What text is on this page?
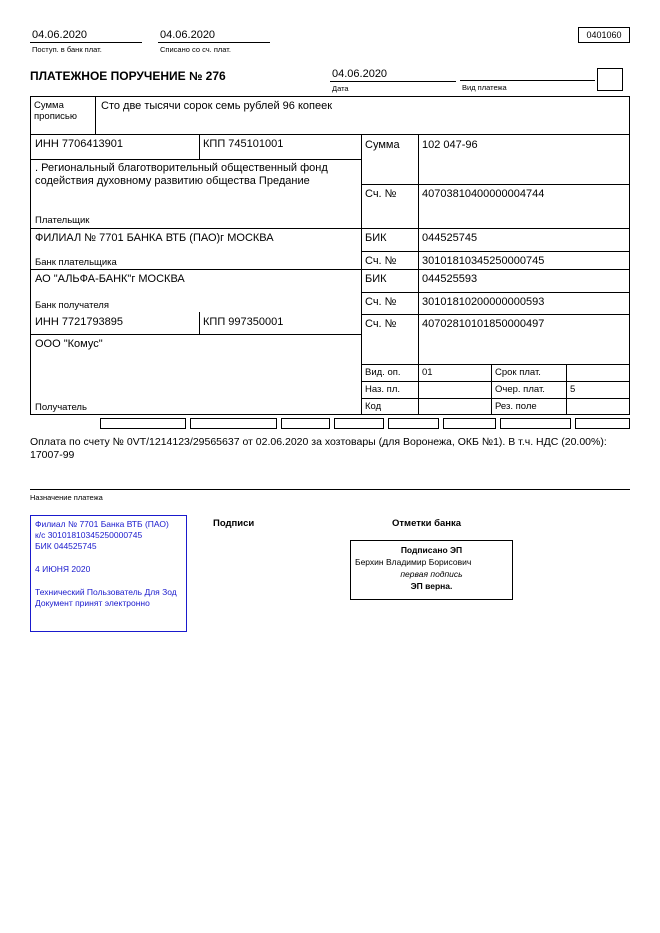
04.06.2020
Поступ. в банк плат.
04.06.2020
Списано со сч. плат.
0401060
ПЛАТЕЖНОЕ ПОРУЧЕНИЕ № 276	04.06.2020
Дата	Вид платежа
Сумма прописью
Сто две тысячи сорок семь рублей 96 копеек
ИНН 7706413901	КПП 745101001	Сумма 102 047-96
. Региональный благотворительный общественный фонд содействия духовному развитию общества Предание
Плательщик
Сч. № 40703810400000004744
ФИЛИАЛ № 7701 БАНКА ВТБ (ПАО)г МОСКВА
Банк плательщика
БИК	044525745
Сч. № 30101810345250000745
АО "АЛЬФА-БАНК"г МОСКВА
Банк получателя
БИК	044525593
Сч. № 30101810200000000593
ИНН 7721793895	КПП 997350001	Сч. № 40702810101850000497
ООО "Комус"
Получатель
Вид. оп. 01	Срок плат.
Наз. пл.	Очер. плат.	5
Код	Рез. поле
Оплата по счету № 0VT/1214123/29565637 от 02.06.2020 за хозтовары (для Воронежа, ОКБ №1). В т.ч. НДС (20.00%): 17007-99
Назначение платежа
Филиал № 7701 Банка ВТБ (ПАО)
к/с 30101810345250000745
БИК 044525745
4 ИЮНЯ 2020
Технический Пользователь Для Зод
Документ принят электронно
Подписи	Отметки банка
Подписано ЭП
Берхин Владимир Борисович
первая подпись
ЭП верна.
